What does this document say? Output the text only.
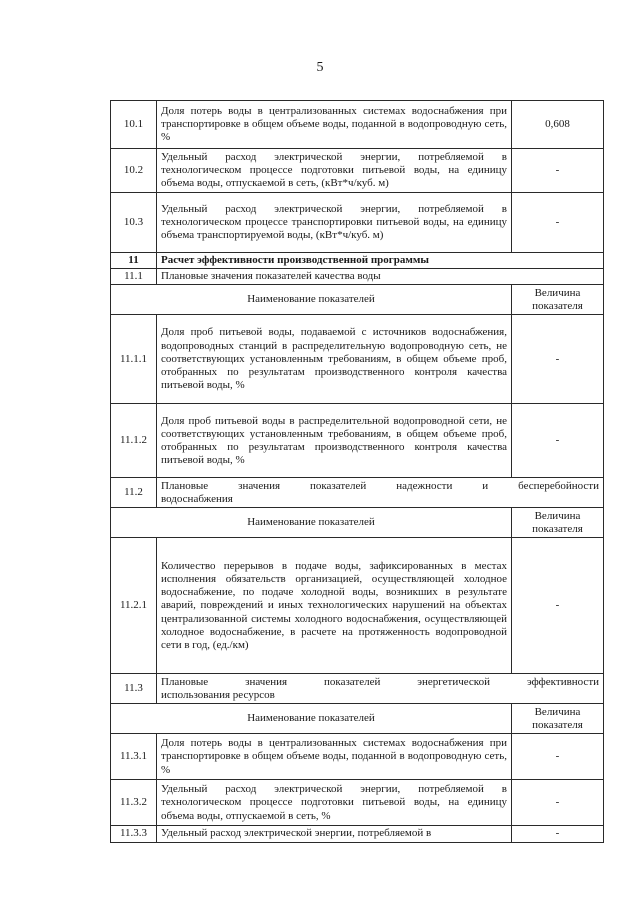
5
10.1	Доля потерь воды в централизованных системах водоснабжения при транспортировке в общем объеме воды, поданной в водопроводную сеть, %	0,608
10.2	Удельный расход электрической энергии, потребляемой в технологическом процессе подготовки питьевой воды, на единицу объема воды, отпускаемой в сеть, (кВт*ч/куб. м)	-
10.3	Удельный расход электрической энергии, потребляемой в технологическом процессе транспортировки питьевой воды, на единицу объема транспортируемой воды, (кВт*ч/куб. м)	-
11	Расчет эффективности производственной программы	
11.1	Плановые значения показателей качества воды	
Наименование показателей		Величина показателя
11.1.1	Доля проб питьевой воды, подаваемой с источников водоснабжения, водопроводных станций в распределительную водопроводную сеть, не соответствующих установленным требованиям, в общем объеме проб, отобранных по результатам производственного контроля качества питьевой воды, %	-
11.1.2	Доля проб питьевой воды в распределительной водопроводной сети, не соответствующих установленным требованиям, в общем объеме проб, отобранных по результатам производственного контроля качества питьевой воды, %	-
11.2	Плановые значения показателей надежности и бесперебойности
водоснабжения	
Наименование показателей		Величина показателя
11.2.1	Количество перерывов в подаче воды, зафиксированных в местах исполнения обязательств организацией, осуществляющей холодное водоснабжение, по подаче холодной воды, возникших в результате аварий, повреждений и иных технологических нарушений на объектах централизованной системы холодного водоснабжения, осуществляющей холодное водоснабжение, в расчете на протяженность водопроводной сети в год, (ед./км)	-
11.3	Плановые значения показателей энергетической эффективности
использования ресурсов	
Наименование показателей		Величина показателя
11.3.1	Доля потерь воды в централизованных системах водоснабжения при транспортировке в общем объеме воды, поданной в водопроводную сеть, %	-
11.3.2	Удельный расход электрической энергии, потребляемой в технологическом процессе подготовки питьевой воды, на единицу объема воды, отпускаемой в сеть, %	-
11.3.3	Удельный расход электрической энергии, потребляемой в	-
